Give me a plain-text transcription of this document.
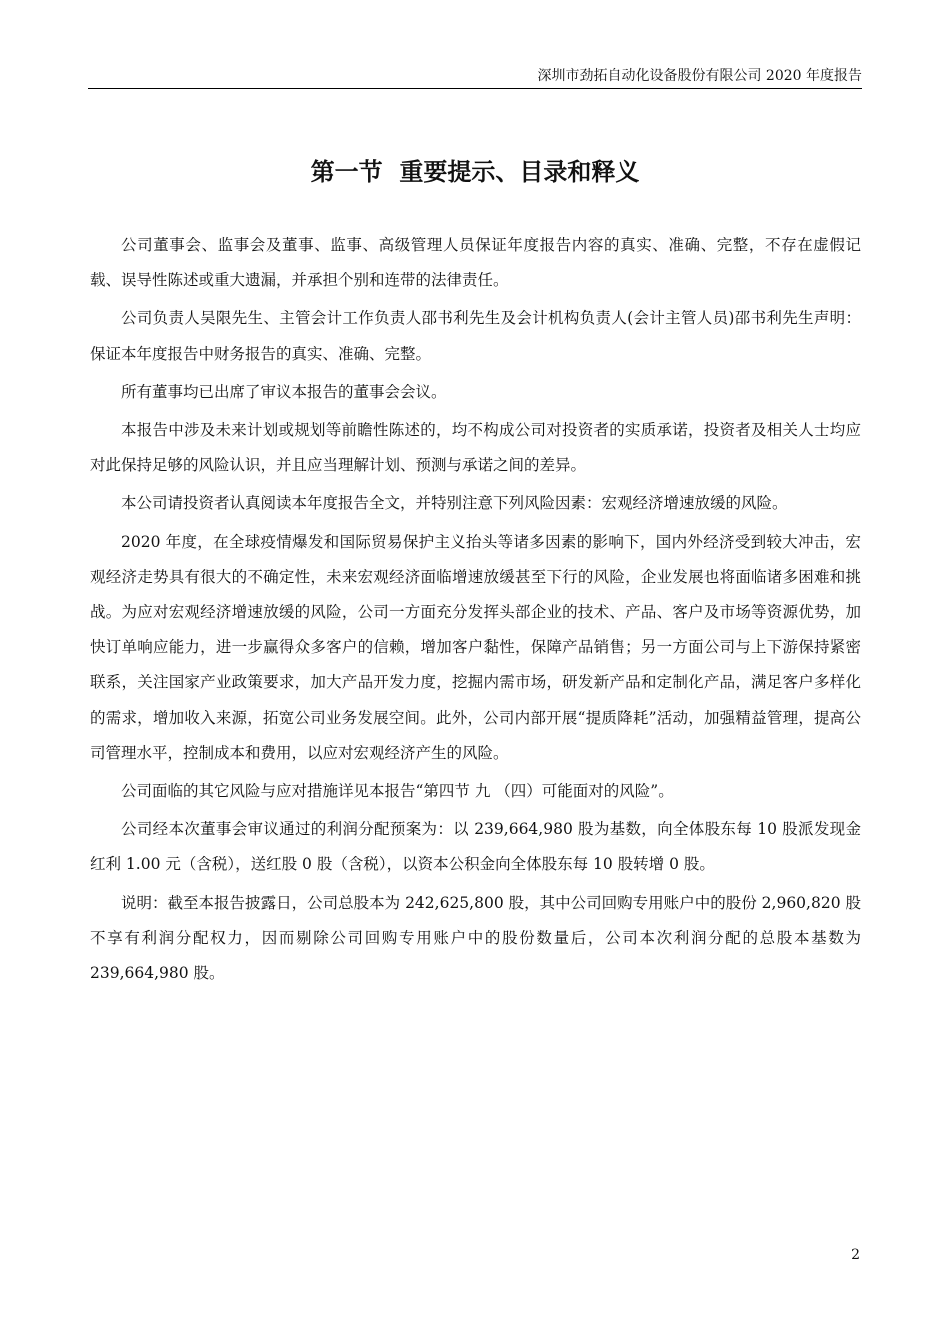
深圳市劲拓自动化设备股份有限公司 2020 年度报告
第一节  重要提示、目录和释义

公司董事会、监事会及董事、监事、高级管理人员保证年度报告内容的真实、准确、完整，不存在虚假记载、误导性陈述或重大遗漏，并承担个别和连带的法律责任。

公司负责人吴限先生、主管会计工作负责人邵书利先生及会计机构负责人(会计主管人员)邵书利先生声明：保证本年度报告中财务报告的真实、准确、完整。

所有董事均已出席了审议本报告的董事会会议。

本报告中涉及未来计划或规划等前瞻性陈述的，均不构成公司对投资者的实质承诺，投资者及相关人士均应对此保持足够的风险认识，并且应当理解计划、预测与承诺之间的差异。

本公司请投资者认真阅读本年度报告全文，并特别注意下列风险因素：宏观经济增速放缓的风险。

2020 年度，在全球疫情爆发和国际贸易保护主义抬头等诸多因素的影响下，国内外经济受到较大冲击，宏观经济走势具有很大的不确定性，未来宏观经济面临增速放缓甚至下行的风险，企业发展也将面临诸多困难和挑战。为应对宏观经济增速放缓的风险，公司一方面充分发挥头部企业的技术、产品、客户及市场等资源优势，加快订单响应能力，进一步赢得众多客户的信赖，增加客户黏性，保障产品销售；另一方面公司与上下游保持紧密联系，关注国家产业政策要求，加大产品开发力度，挖掘内需市场，研发新产品和定制化产品，满足客户多样化的需求，增加收入来源，拓宽公司业务发展空间。此外，公司内部开展“提质降耗”活动，加强精益管理，提高公司管理水平，控制成本和费用，以应对宏观经济产生的风险。

公司面临的其它风险与应对措施详见本报告“第四节 九 （四）可能面对的风险”。

公司经本次董事会审议通过的利润分配预案为：以 239,664,980 股为基数，向全体股东每 10 股派发现金红利 1.00 元（含税），送红股 0 股（含税），以资本公积金向全体股东每 10 股转增 0 股。

说明：截至本报告披露日，公司总股本为 242,625,800 股，其中公司回购专用账户中的股份 2,960,820 股不享有利润分配权力，因而剔除公司回购专用账户中的股份数量后，公司本次利润分配的总股本基数为 239,664,980 股。

2
